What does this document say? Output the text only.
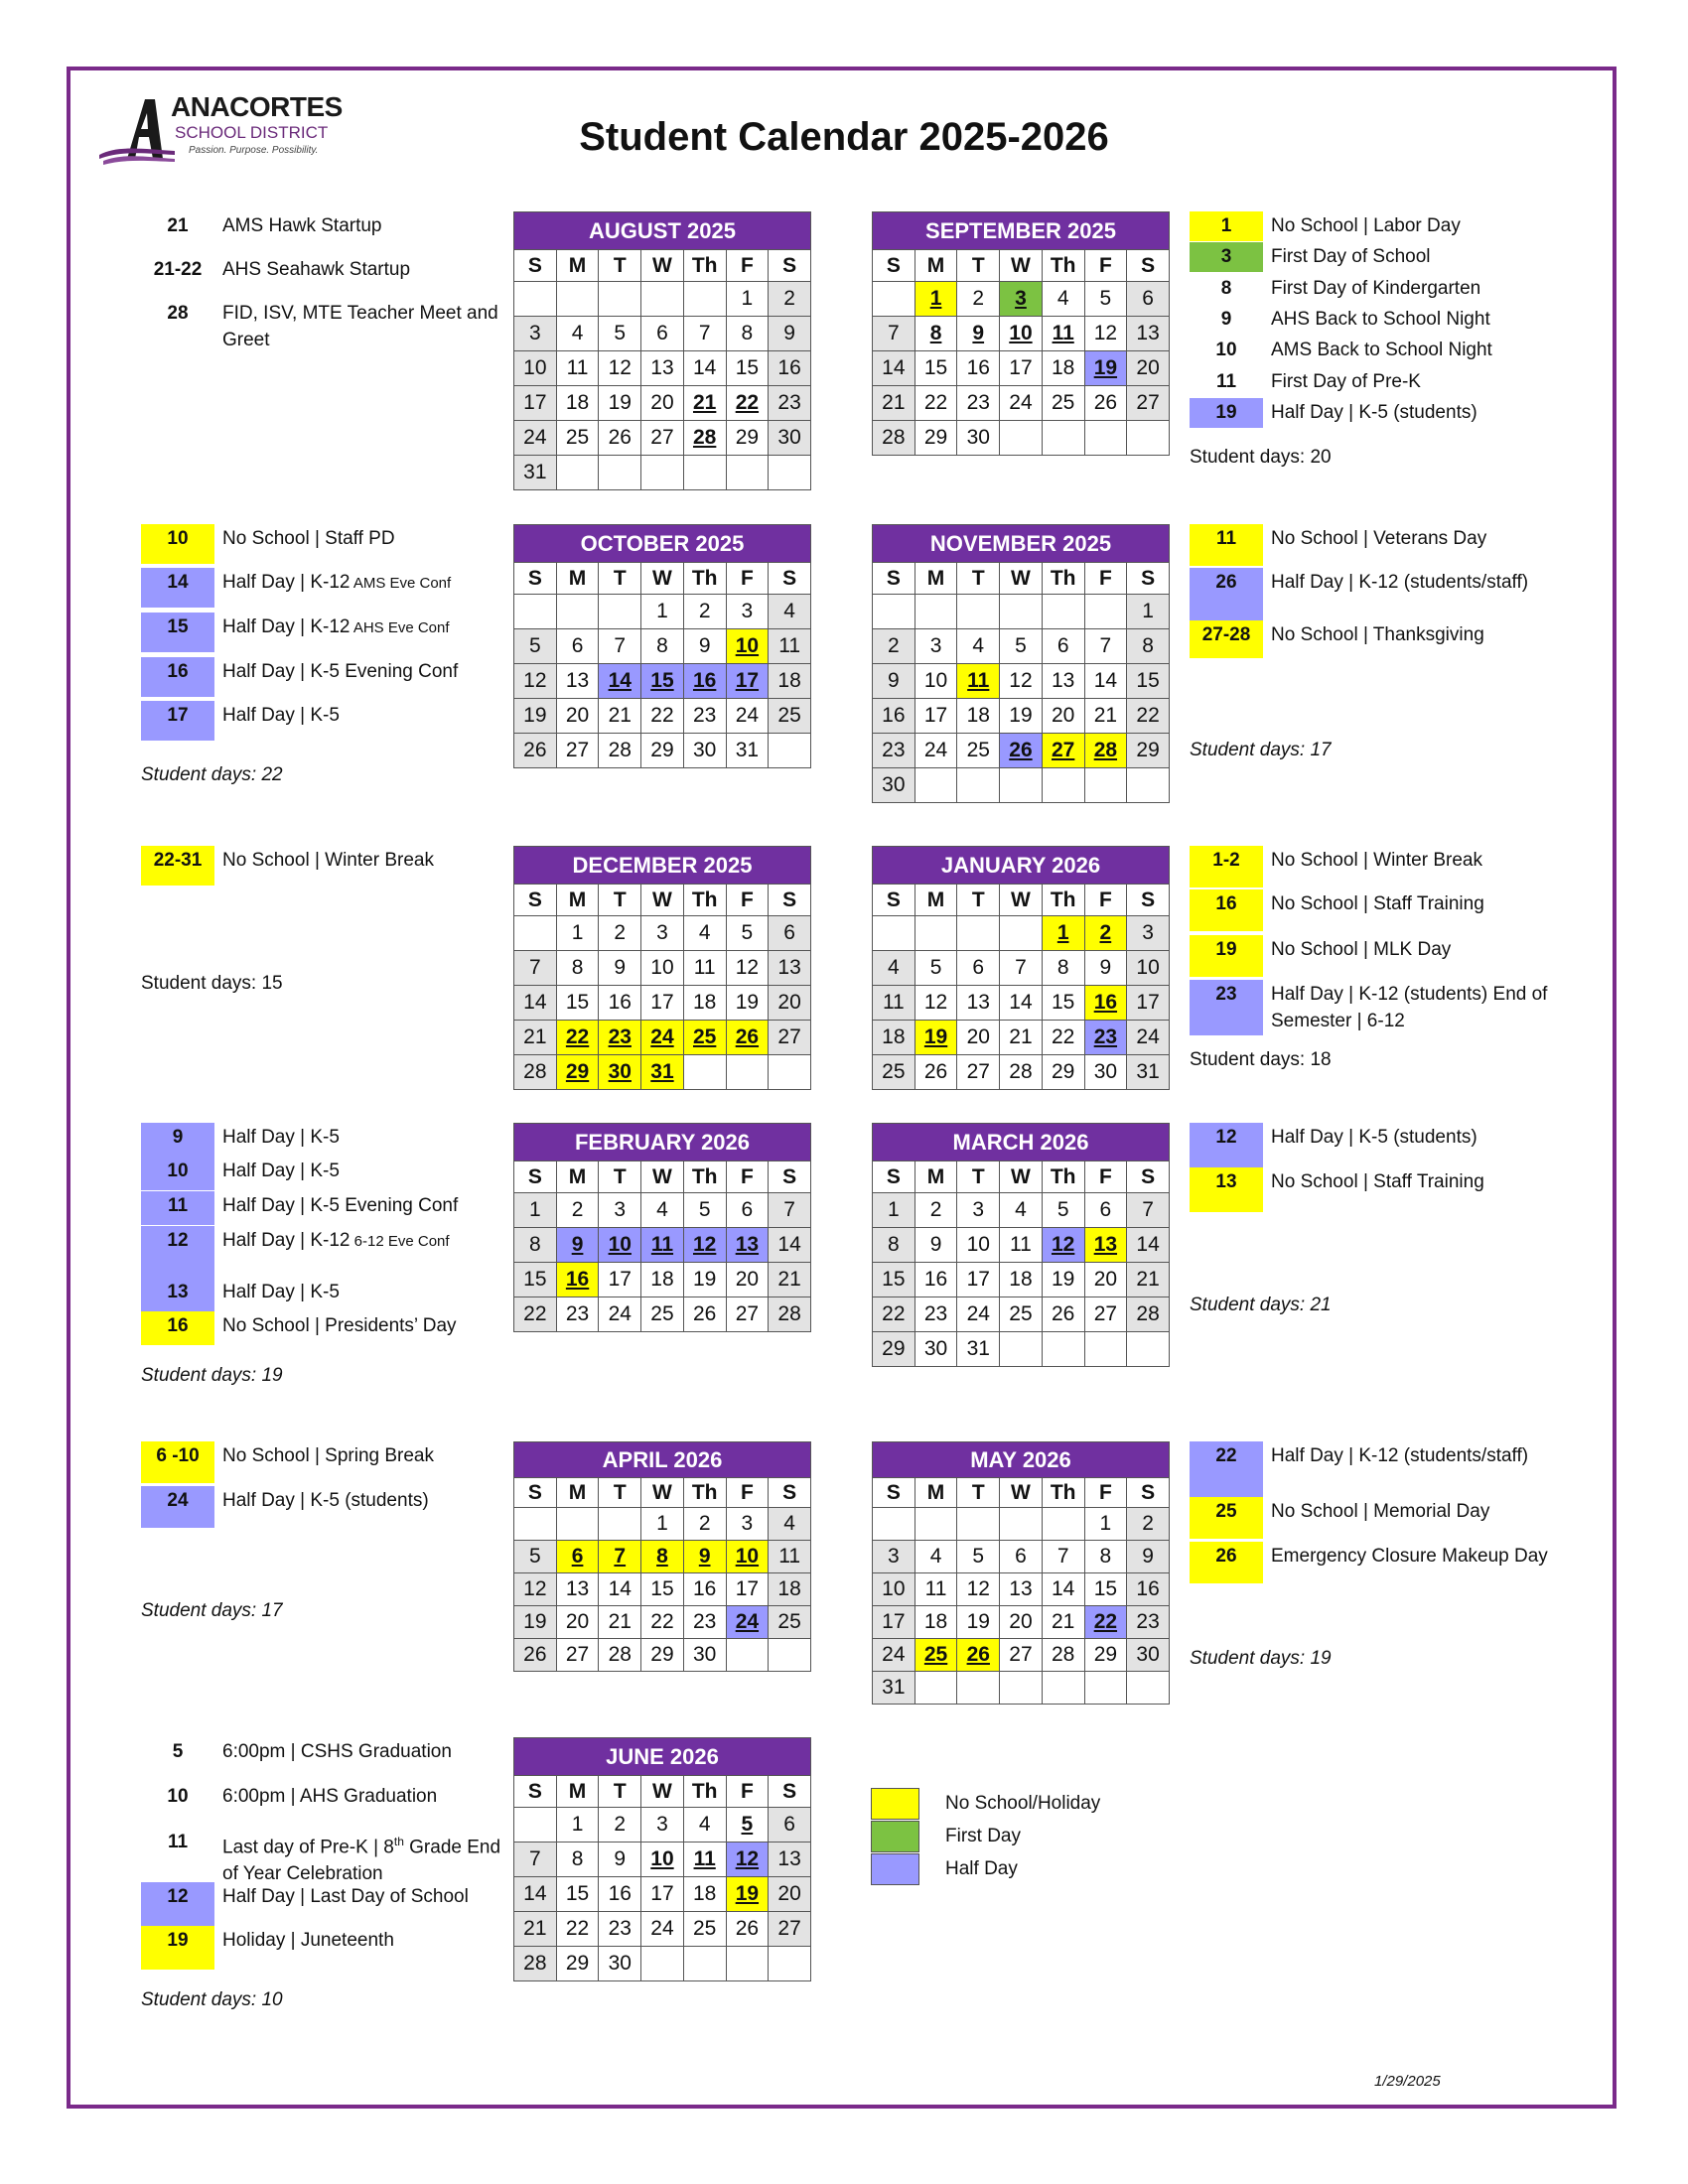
ANACORTES
SCHOOL DISTRICT
Passion. Purpose. Possibility.	Student Calendar 2025-2026
AUGUST 2025						
S	M	T	W	Th	F	S
					1	2
3	4	5	6	7	8	9
10	11	12	13	14	15	16
17	18	19	20	21	22	23
24	25	26	27	28	29	30
31						
SEPTEMBER 2025						
S	M	T	W	Th	F	S
	1	2	3	4	5	6
7	8	9	10	11	12	13
14	15	16	17	18	19	20
21	22	23	24	25	26	27
28	29	30				
OCTOBER 2025						
S	M	T	W	Th	F	S
			1	2	3	4
5	6	7	8	9	10	11
12	13	14	15	16	17	18
19	20	21	22	23	24	25
26	27	28	29	30	31	
NOVEMBER 2025						
S	M	T	W	Th	F	S
						1
2	3	4	5	6	7	8
9	10	11	12	13	14	15
16	17	18	19	20	21	22
23	24	25	26	27	28	29
30						
DECEMBER 2025						
S	M	T	W	Th	F	S
	1	2	3	4	5	6
7	8	9	10	11	12	13
14	15	16	17	18	19	20
21	22	23	24	25	26	27
28	29	30	31			
JANUARY 2026						
S	M	T	W	Th	F	S
				1	2	3
4	5	6	7	8	9	10
11	12	13	14	15	16	17
18	19	20	21	22	23	24
25	26	27	28	29	30	31
FEBRUARY 2026						
S	M	T	W	Th	F	S
1	2	3	4	5	6	7
8	9	10	11	12	13	14
15	16	17	18	19	20	21
22	23	24	25	26	27	28
MARCH 2026						
S	M	T	W	Th	F	S
1	2	3	4	5	6	7
8	9	10	11	12	13	14
15	16	17	18	19	20	21
22	23	24	25	26	27	28
29	30	31				
APRIL 2026						
S	M	T	W	Th	F	S
			1	2	3	4
5	6	7	8	9	10	11
12	13	14	15	16	17	18
19	20	21	22	23	24	25
26	27	28	29	30		
MAY 2026						
S	M	T	W	Th	F	S
					1	2
3	4	5	6	7	8	9
10	11	12	13	14	15	16
17	18	19	20	21	22	23
24	25	26	27	28	29	30
31						
JUNE 2026						
S	M	T	W	Th	F	S
	1	2	3	4	5	6
7	8	9	10	11	12	13
14	15	16	17	18	19	20
21	22	23	24	25	26	27
28	29	30				
21	AMS Hawk Startup
21-22	AHS Seahawk Startup
28	FID, ISV, MTE Teacher Meet and Greet
1	No School | Labor Day
3	First Day of School
8	First Day of Kindergarten
9	AHS Back to School Night
10	AMS Back to School Night
11	First Day of Pre-K
19	Half Day | K-5 (students)
Student days: 20
10	No School | Staff PD
14	Half Day | K-12 AMS Eve Conf
15	Half Day | K-12 AHS Eve Conf
16	Half Day | K-5 Evening Conf
17	Half Day | K-5
Student days: 22
11	No School | Veterans Day
26	Half Day | K-12 (students/staff)
27-28	No School | Thanksgiving
Student days: 17
22-31	No School | Winter Break
Student days: 15
1-2	No School | Winter Break
16	No School | Staff Training
19	No School | MLK Day
23	Half Day | K-12 (students) End of Semester | 6-12
Student days: 18
9	Half Day | K-5
10	Half Day | K-5
11	Half Day | K-5 Evening Conf
12	Half Day | K-12 6-12 Eve Conf
13	Half Day | K-5
16	No School | Presidents’ Day
Student days: 19
12	Half Day | K-5 (students)
13	No School | Staff Training
Student days: 21
6 -10	No School | Spring Break
24	Half Day | K-5 (students)
Student days: 17
22	Half Day | K-12 (students/staff)
25	No School | Memorial Day
26	Emergency Closure Makeup Day
Student days: 19
5	6:00pm | CSHS Graduation
10	6:00pm | AHS Graduation
11	Last day of Pre-K | 8th Grade End of Year Celebration
12	Half Day | Last Day of School
19	Holiday | Juneteenth
Student days: 10
No School/Holiday
First Day
Half Day
1/29/2025
